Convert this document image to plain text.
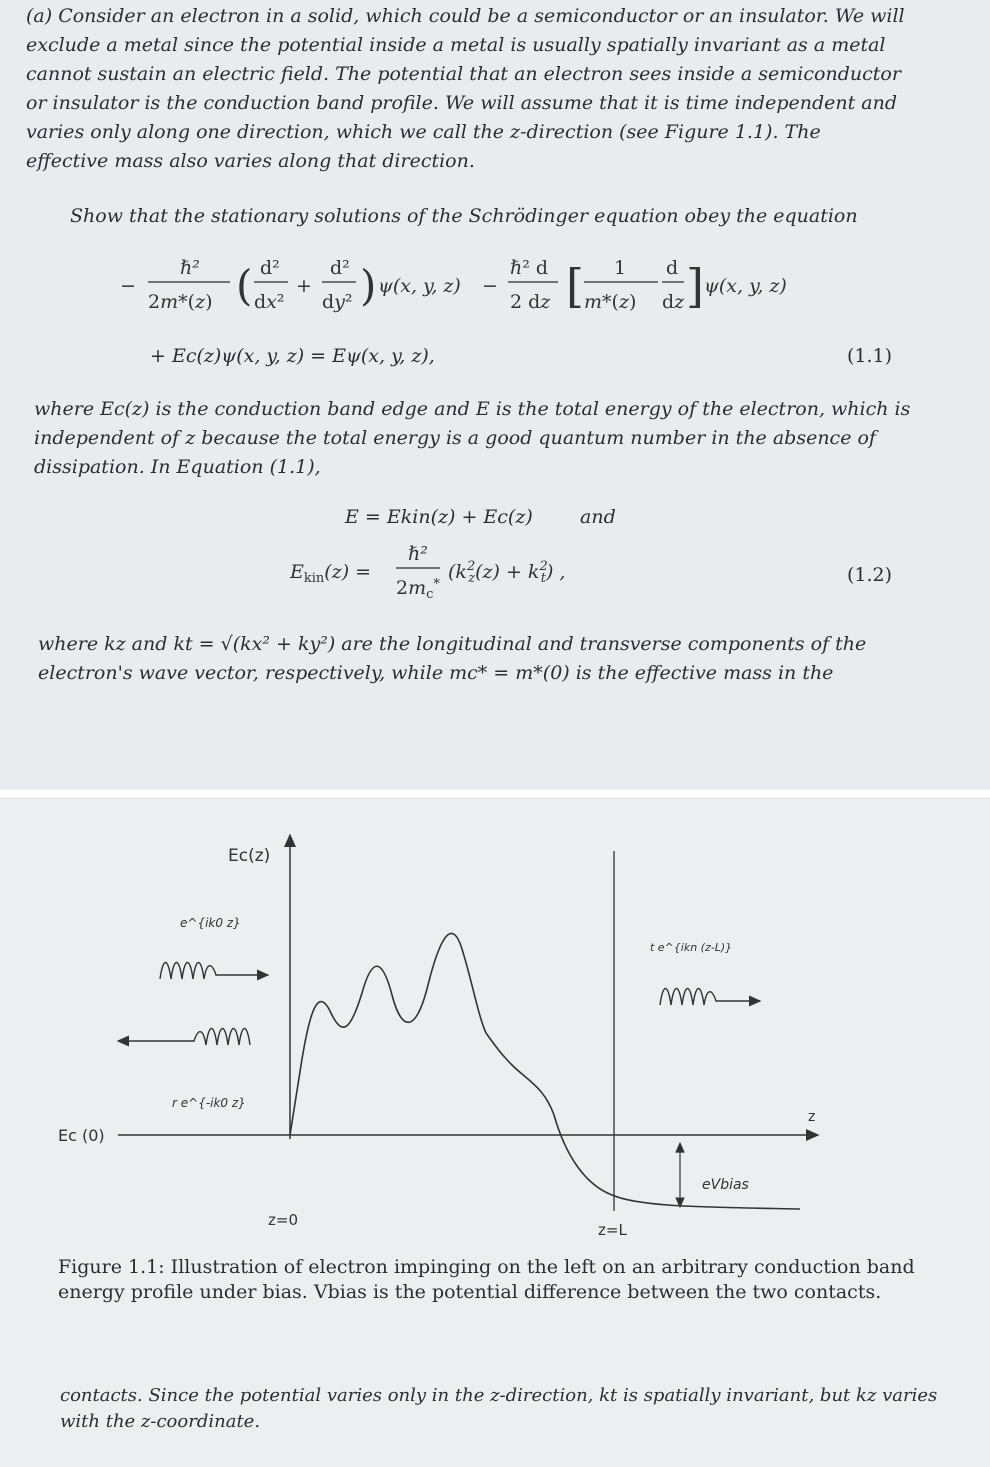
(a) Consider an electron in a solid, which could be a semiconductor or an insulator. We will exclude a metal since the potential inside a metal is usually spatially invariant as a metal cannot sustain an electric field. The potential that an electron sees inside a semiconductor or insulator is the conduction band profile. We will assume that it is time independent and varies only along one direction, which we call the z-direction (see Figure 1.1). The effective mass also varies along that direction.

Show that the stationary solutions of the Schrödinger equation obey the equation

−
ℏ²
2m*(z) ( d²
dx²
+
d²
dy² ) ψ(x, y, z) −
ℏ² d
2 dz [ 1
m*(z)
d
dz ] ψ(x, y, z)
+ Ec(z)ψ(x, y, z) = Eψ(x, y, z),	(1.1)

where Ec(z) is the conduction band edge and E is the total energy of the electron, which is independent of z because the total energy is a good quantum number in the absence of dissipation. In Equation (1.1),

E = Ekin(z) + Ec(z) and
$E_{kin}(z)$ =
ℏ²
$2m_c^*$
($k^2$ $z(z) + k^2$ t) ,	(1.2)

where kz and kt = √(kx² + ky²) are the longitudinal and transverse components of the electron's wave vector, respectively, while mc* = m*(0) is the effective mass in the

Ec(z)
e^{ik0 z}
r e^{-ik0 z}
t e^{ikn (z-L)}
Ec (0)
z
z=0
z=L
eVbias

Figure 1.1: Illustration of electron impinging on the left on an arbitrary conduction band energy profile under bias. Vbias is the potential difference between the two contacts.

contacts. Since the potential varies only in the z-direction, kt is spatially invariant, but kz varies with the z-coordinate.
